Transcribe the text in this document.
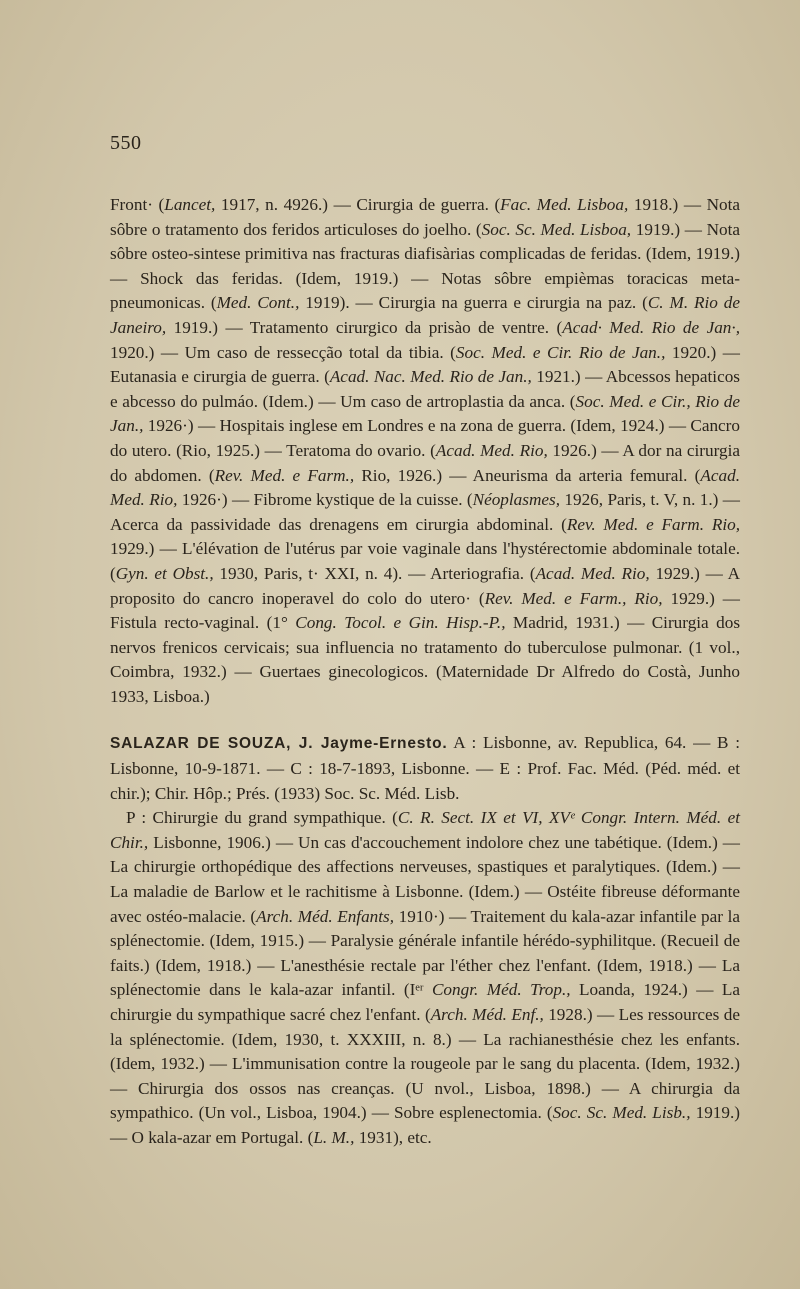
550

Front· (Lancet, 1917, n. 4926.) — Cirurgia de guerra. (Fac. Med. Lisboa, 1918.) — Nota sôbre o tratamento dos feridos articuloses do joelho. (Soc. Sc. Med. Lisboa, 1919.) — Nota sôbre osteo-sintese primitiva nas fracturas diafisàrias complicadas de feridas. (Idem, 1919.) — Shock das feridas. (Idem, 1919.) — Notas sôbre empièmas toracicas meta-pneumonicas. (Med. Cont., 1919). — Cirurgia na guerra e cirurgia na paz. (C. M. Rio de Janeiro, 1919.) — Tratamento cirurgico da prisào de ventre. (Acad· Med. Rio de Jan·, 1920.) — Um caso de ressecção total da tibia. (Soc. Med. e Cir. Rio de Jan., 1920.) — Eutanasia e cirurgia de guerra. (Acad. Nac. Med. Rio de Jan., 1921.) — Abcessos hepaticos e abcesso do pulmáo. (Idem.) — Um caso de artroplastia da anca. (Soc. Med. e Cir., Rio de Jan., 1926·) — Hospitais inglese em Londres e na zona de guerra. (Idem, 1924.) — Cancro do utero. (Rio, 1925.) — Teratoma do ovario. (Acad. Med. Rio, 1926.) — A dor na cirurgia do abdomen. (Rev. Med. e Farm., Rio, 1926.) — Aneurisma da arteria femural. (Acad. Med. Rio, 1926·) — Fibrome kystique de la cuisse. (Néoplasmes, 1926, Paris, t. V, n. 1.) — Acerca da passividade das drenagens em cirurgia abdominal. (Rev. Med. e Farm. Rio, 1929.) — L'élévation de l'utérus par voie vaginale dans l'hystérectomie abdominale totale. (Gyn. et Obst., 1930, Paris, t· XXI, n. 4). — Arteriografia. (Acad. Med. Rio, 1929.) — A proposito do cancro inoperavel do colo do utero· (Rev. Med. e Farm., Rio, 1929.) — Fistula recto-vaginal. (1° Cong. Tocol. e Gin. Hisp.-P., Madrid, 1931.) — Cirurgia dos nervos frenicos cervicais; sua influencia no tratamento do tuberculose pulmonar. (1 vol., Coimbra, 1932.) — Guertaes ginecologicos. (Maternidade Dr Alfredo do Costà, Junho 1933, Lisboa.)

SALAZAR DE SOUZA, J. Jayme-Ernesto. A : Lisbonne, av. Republica, 64. — B : Lisbonne, 10-9-1871. — C : 18-7-1893, Lisbonne. — E : Prof. Fac. Méd. (Péd. méd. et chir.); Chir. Hôp.; Prés. (1933) Soc. Sc. Méd. Lisb.

P : Chirurgie du grand sympathique. (C. R. Sect. IX et VI, XVᵉ Congr. Intern. Méd. et Chir., Lisbonne, 1906.) — Un cas d'accouchement indolore chez une tabétique. (Idem.) — La chirurgie orthopédique des affections nerveuses, spastiques et paralytiques. (Idem.) — La maladie de Barlow et le rachitisme à Lisbonne. (Idem.) — Ostéite fibreuse déformante avec ostéo-malacie. (Arch. Méd. Enfants, 1910·) — Traitement du kala-azar infantile par la splénectomie. (Idem, 1915.) — Paralysie générale infantile hérédo-syphilitque. (Recueil de faits.) (Idem, 1918.) — L'anesthésie rectale par l'éther chez l'enfant. (Idem, 1918.) — La splénectomie dans le kala-azar infantil. (Iᵉʳ Congr. Méd. Trop., Loanda, 1924.) — La chirurgie du sympathique sacré chez l'enfant. (Arch. Méd. Enf., 1928.) — Les ressources de la splénectomie. (Idem, 1930, t. XXXIII, n. 8.) — La rachianesthésie chez les enfants. (Idem, 1932.) — L'immunisation contre la rougeole par le sang du placenta. (Idem, 1932.) — Chirurgia dos ossos nas creanças. (U nvol., Lisboa, 1898.) — A chirurgia da sympathico. (Un vol., Lisboa, 1904.) — Sobre esplenectomia. (Soc. Sc. Med. Lisb., 1919.) — O kala-azar em Portugal. (L. M., 1931), etc.
